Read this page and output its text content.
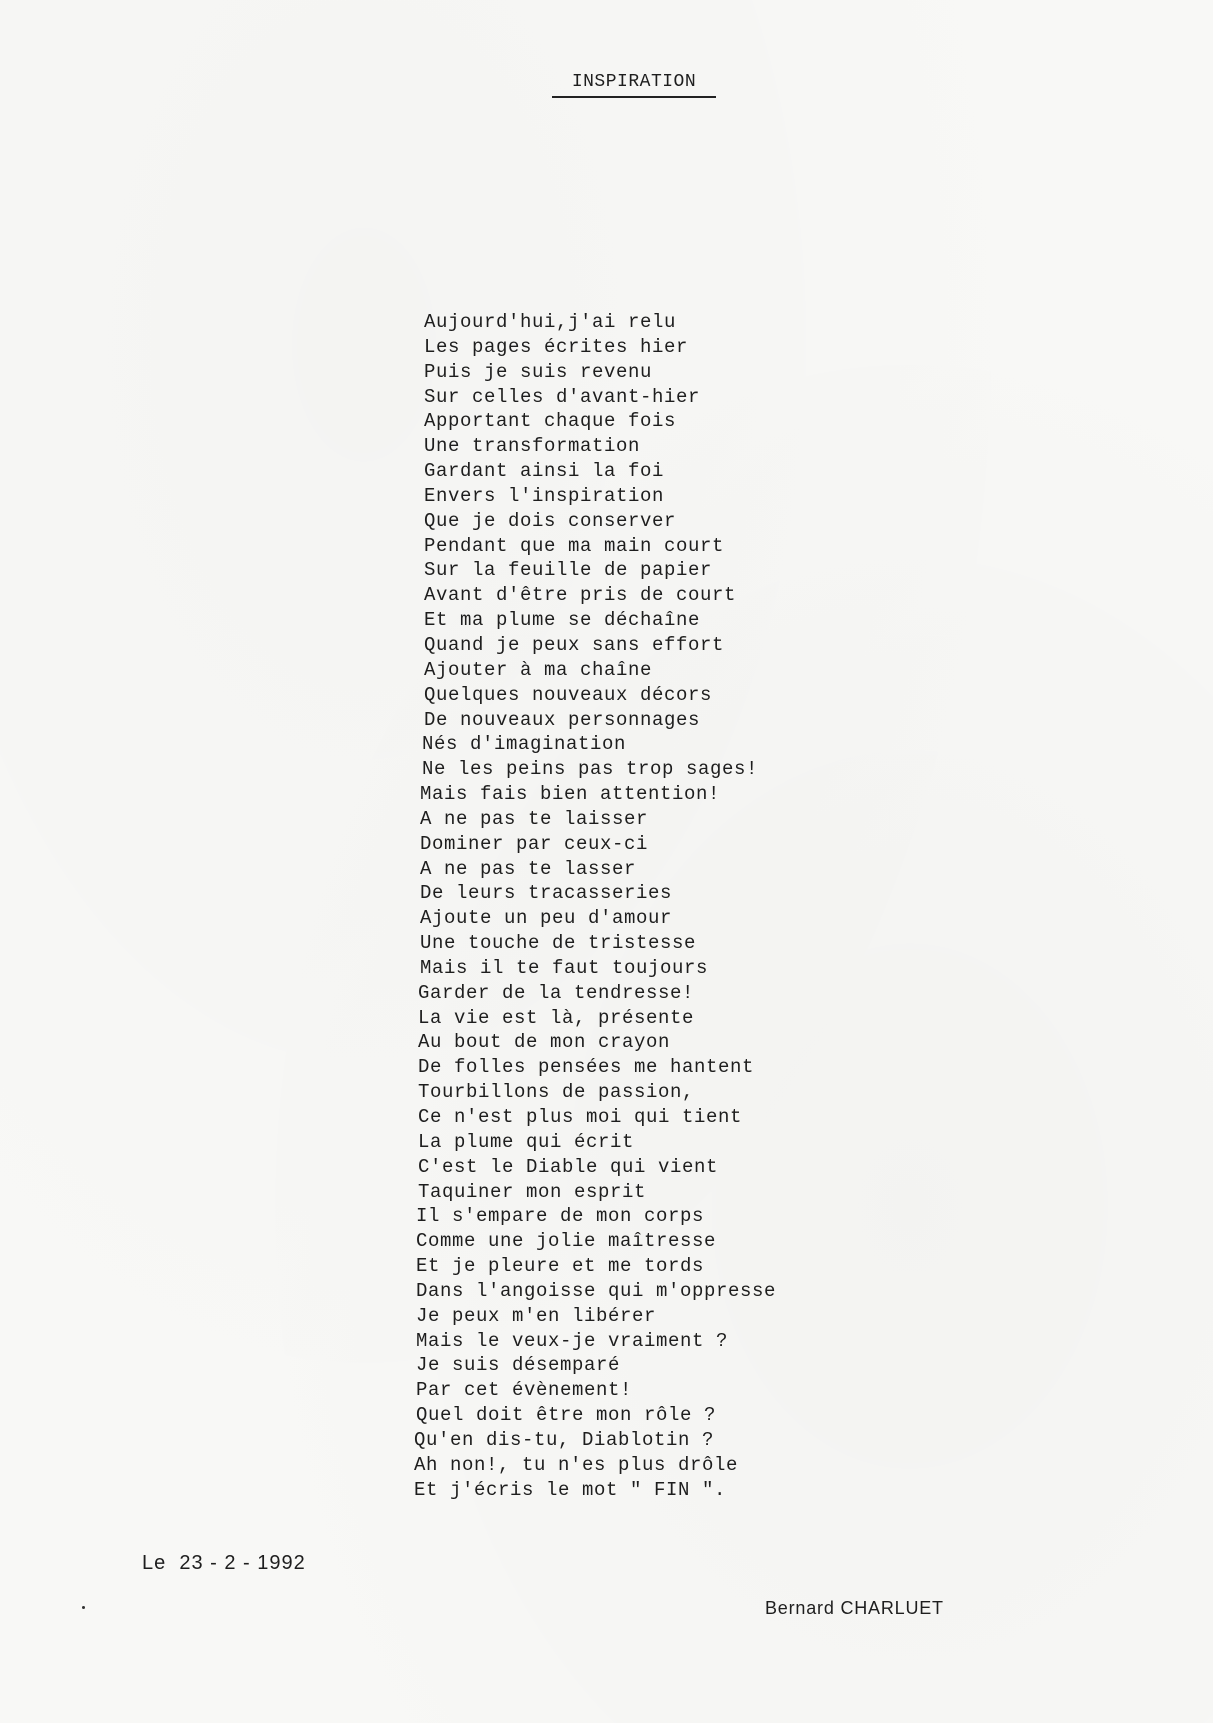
INSPIRATION
Aujourd'hui,j'ai relu
Les pages écrites hier
Puis je suis revenu
Sur celles d'avant-hier
Apportant chaque fois
Une transformation
Gardant ainsi la foi
Envers l'inspiration
Que je dois conserver
Pendant que ma main court
Sur la feuille de papier
Avant d'être pris de court
Et ma plume se déchaîne
Quand je peux sans effort
Ajouter à ma chaîne
Quelques nouveaux décors
De nouveaux personnages
Nés d'imagination
Ne les peins pas trop sages!
Mais fais bien attention!
A ne pas te laisser
Dominer par ceux-ci
A ne pas te lasser
De leurs tracasseries
Ajoute un peu d'amour
Une touche de tristesse
Mais il te faut toujours
Garder de la tendresse!
La vie est là, présente
Au bout de mon crayon
De folles pensées me hantent
Tourbillons de passion,
Ce n'est plus moi qui tient
La plume qui écrit
C'est le Diable qui vient
Taquiner mon esprit
Il s'empare de mon corps
Comme une jolie maîtresse
Et je pleure et me tords
Dans l'angoisse qui m'oppresse
Je peux m'en libérer
Mais le veux-je vraiment ?
Je suis désemparé
Par cet évènement!
Quel doit être mon rôle ?
Qu'en dis-tu, Diablotin ?
Ah non!, tu n'es plus drôle
Et j'écris le mot " FIN ".
Le  23 - 2 - 1992
Bernard CHARLUET
